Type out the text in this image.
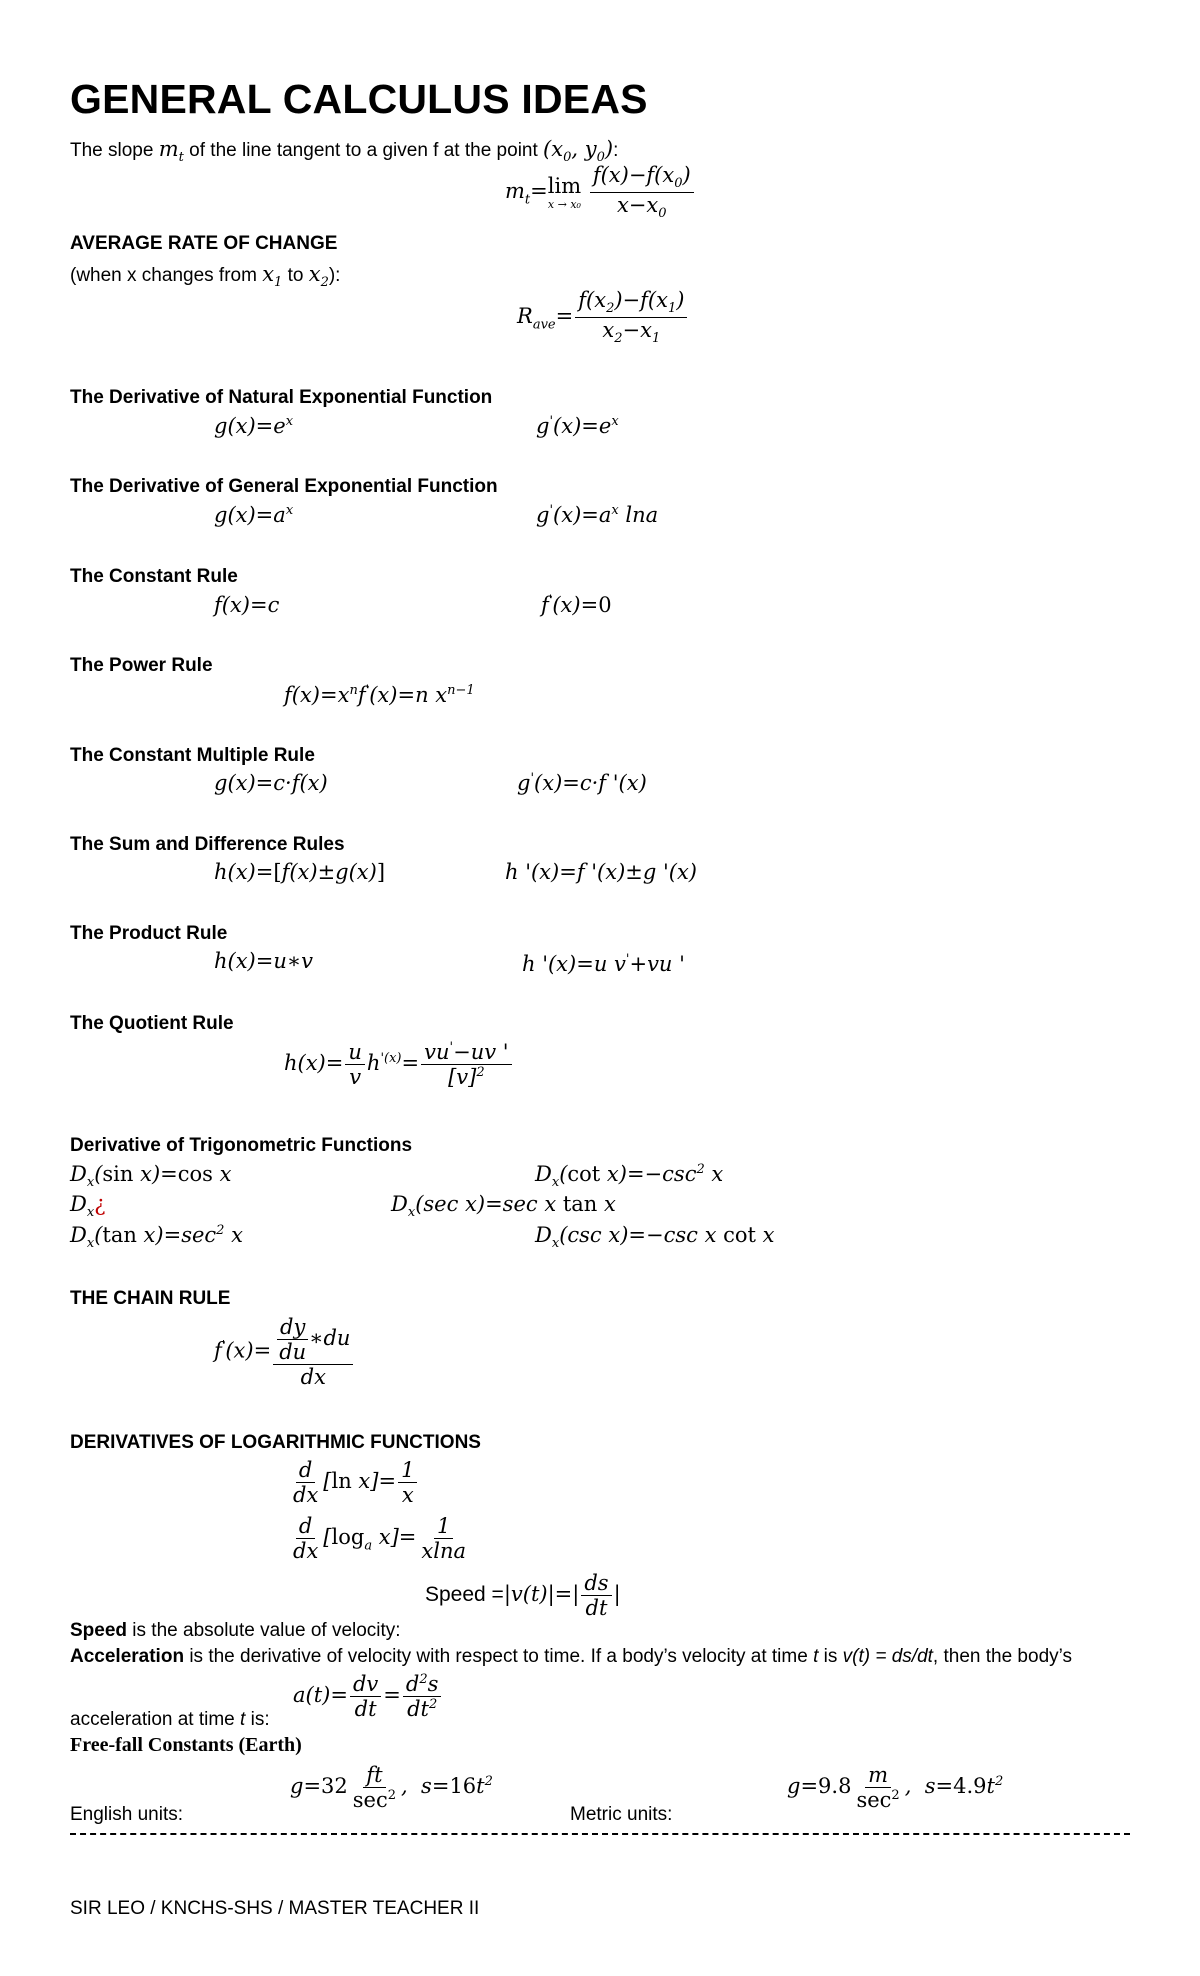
GENERAL CALCULUS IDEAS
The slope $m_t$ of the line tangent to a given f at the point ($x_0$, $y_0$):
$m_t= \lim$
x → x₀
$\frac{f(x)-f(x_0)}{x-x_0}$
AVERAGE RATE OF CHANGE
(when x changes from $x_1$ to $x_2$):
$R_{ave}= \frac{f(x_2)-f(x_1)}{x_2-x_1}$
The Derivative of Natural Exponential Function
$g(x)=e^x$	$g'(x)=e^x$
The Derivative of General Exponential Function
$g(x)=a^x$	$g'(x)=a^x$ lna
The Constant Rule
f(x)=c	f'(x)=0
The Power Rule
$f(x)=x^nf'(x)=n$ $x^{n-1}$
The Constant Multiple Rule
g(x)=c·f(x)	g'(x)=c·f '(x)
The Sum and Difference Rules
h(x)=[f(x)±g(x)]	h '(x)=f '(x)±g '(x)
The Product Rule
h(x)=u∗v	h '(x)=u v'+vu '
The Quotient Rule
$h(x)= \frac{u}{v} h^{'(x)}= \frac{vu'-uv '}{[v]^2}$
Derivative of Trigonometric Functions
$D_x(\sin$ x)=cos x	$D_x(\cot$ $x)=-\csc^2$ x
$D_x¿$	$D_x(\sec$ x)=sec x tan x
$D_x(\tan$ $x)=\sec^2$ x	$D_x(\csc$ x)=−csc x cot x
THE CHAIN RULE
$f'(x)= \frac{\frac{dy}{du} ∗du}{dx}$
DERIVATIVES OF LOGARITHMIC FUNCTIONS
$\frac{d}{dx} [\ln$ $x]= \frac{1}{x}$
$\frac{d}{dx} [\log_a$ $x]= \frac{1}{xlna}$
Speed $=|v(t)|=| \frac{ds}{dt}$ |
Speed is the absolute value of velocity:
Acceleration is the derivative of velocity with respect to time. If a body’s velocity at time t is v(t) = ds/dt, then the body’s
$a(t)= \frac{dv}{dt} = \frac{d^2s}{dt^2}$
acceleration at time t is:
Free-fall Constants (Earth)
$g=32 \frac{ft}{\sec^2}$ ,  $s=16t^2$
English units:
$g=9.8 \frac{m}{\sec^2}$ ,  $s=4.9t^2$
Metric units:
SIR LEO / KNCHS-SHS / MASTER TEACHER II
